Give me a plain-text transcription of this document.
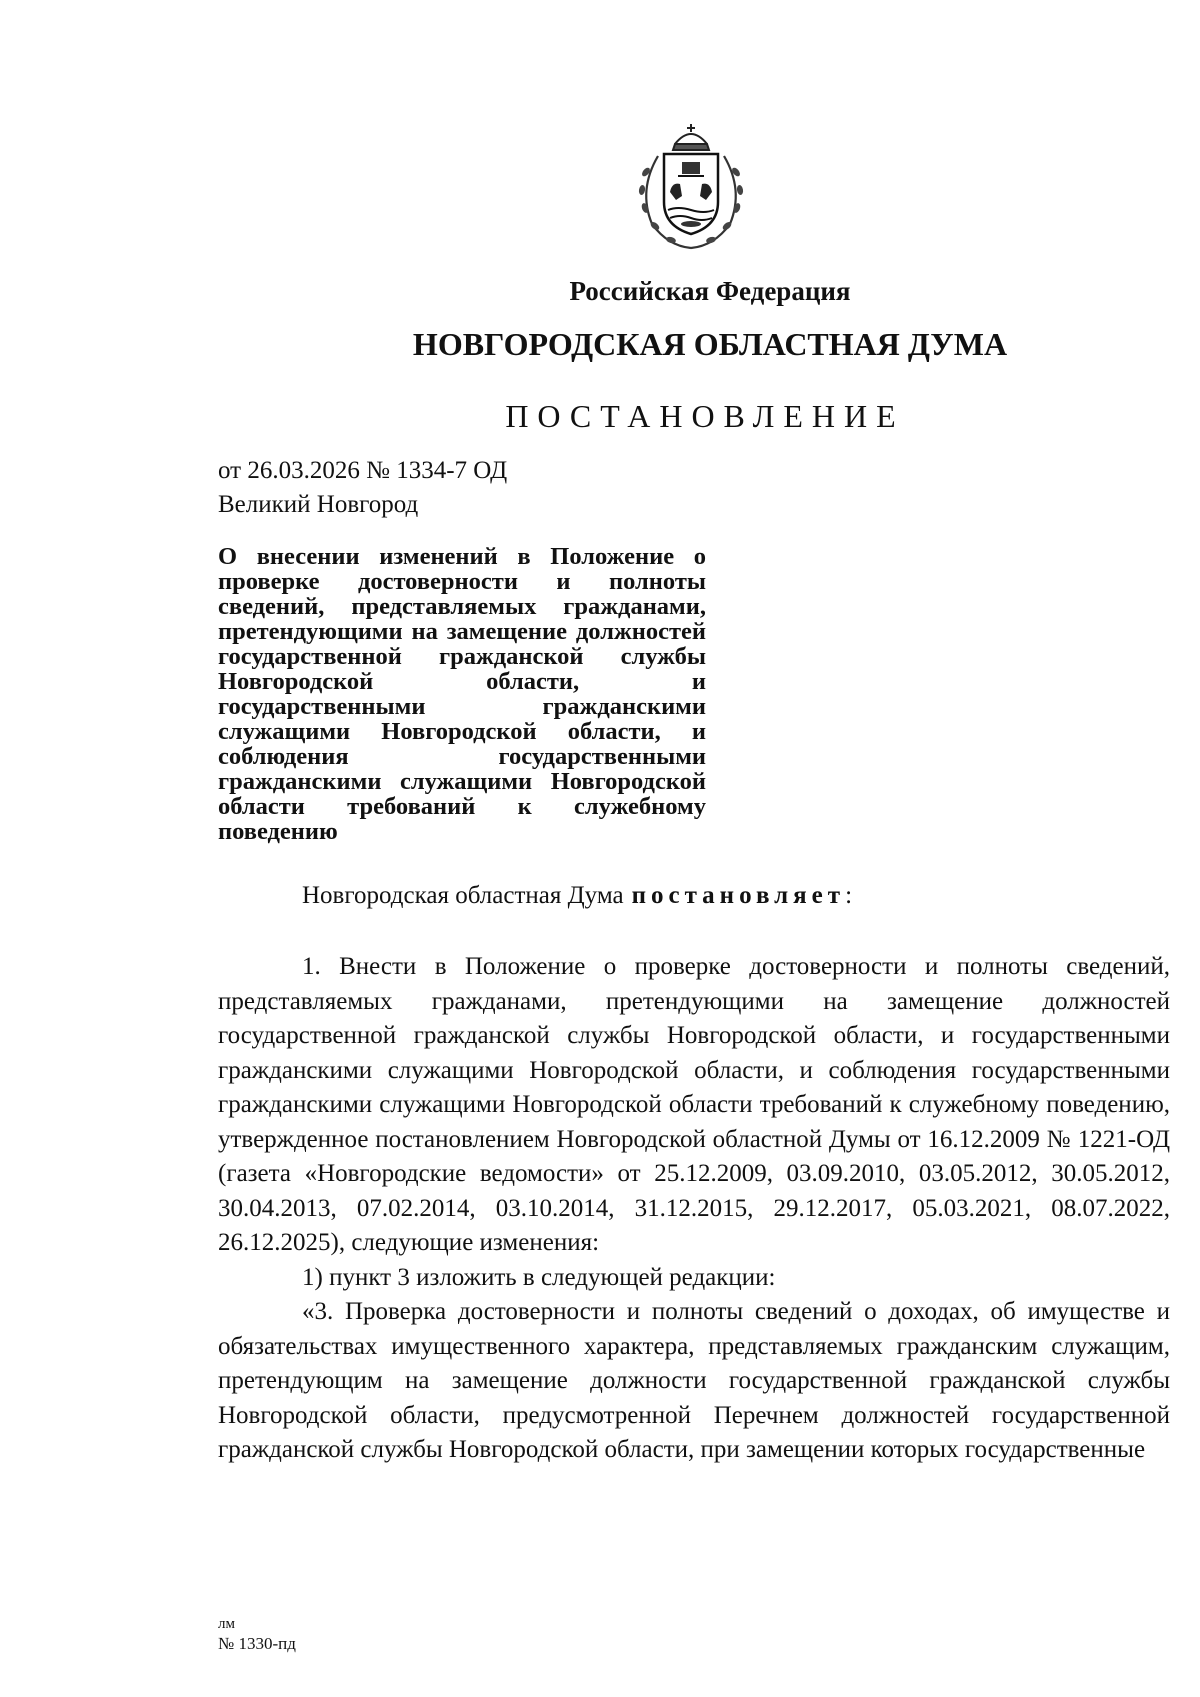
Российская Федерация
НОВГОРОДСКАЯ ОБЛАСТНАЯ ДУМА
ПОСТАНОВЛЕНИЕ
от 26.03.2026 № 1334-7 ОД
Великий Новгород

О внесении изменений в Положение о проверке достоверности и полноты сведений, представляемых гражданами, претендующими на замещение должностей государственной гражданской службы Новгородской области, и государственными гражданскими служащими Новгородской области, и соблюдения государственными гражданскими служащими Новгородской области требований к служебному поведению

Новгородская областная Дума постановляет:

1. Внести в Положение о проверке достоверности и полноты сведений, представляемых гражданами, претендующими на замещение должностей государственной гражданской службы Новгородской области, и государственными гражданскими служащими Новгородской области, и соблюдения государственными гражданскими служащими Новгородской области требований к служебному поведению, утвержденное постановлением Новгородской областной Думы от 16.12.2009 № 1221-ОД (газета «Новгородские ведомости» от 25.12.2009, 03.09.2010, 03.05.2012, 30.05.2012, 30.04.2013, 07.02.2014, 03.10.2014, 31.12.2015, 29.12.2017, 05.03.2021, 08.07.2022, 26.12.2025), следующие изменения:

1) пункт 3 изложить в следующей редакции:

«3. Проверка достоверности и полноты сведений о доходах, об имуществе и обязательствах имущественного характера, представляемых гражданским служащим, претендующим на замещение должности государственной гражданской службы Новгородской области, предусмотренной Перечнем должностей государственной гражданской службы Новгородской области, при замещении которых государственные

лм
№ 1330-пд
